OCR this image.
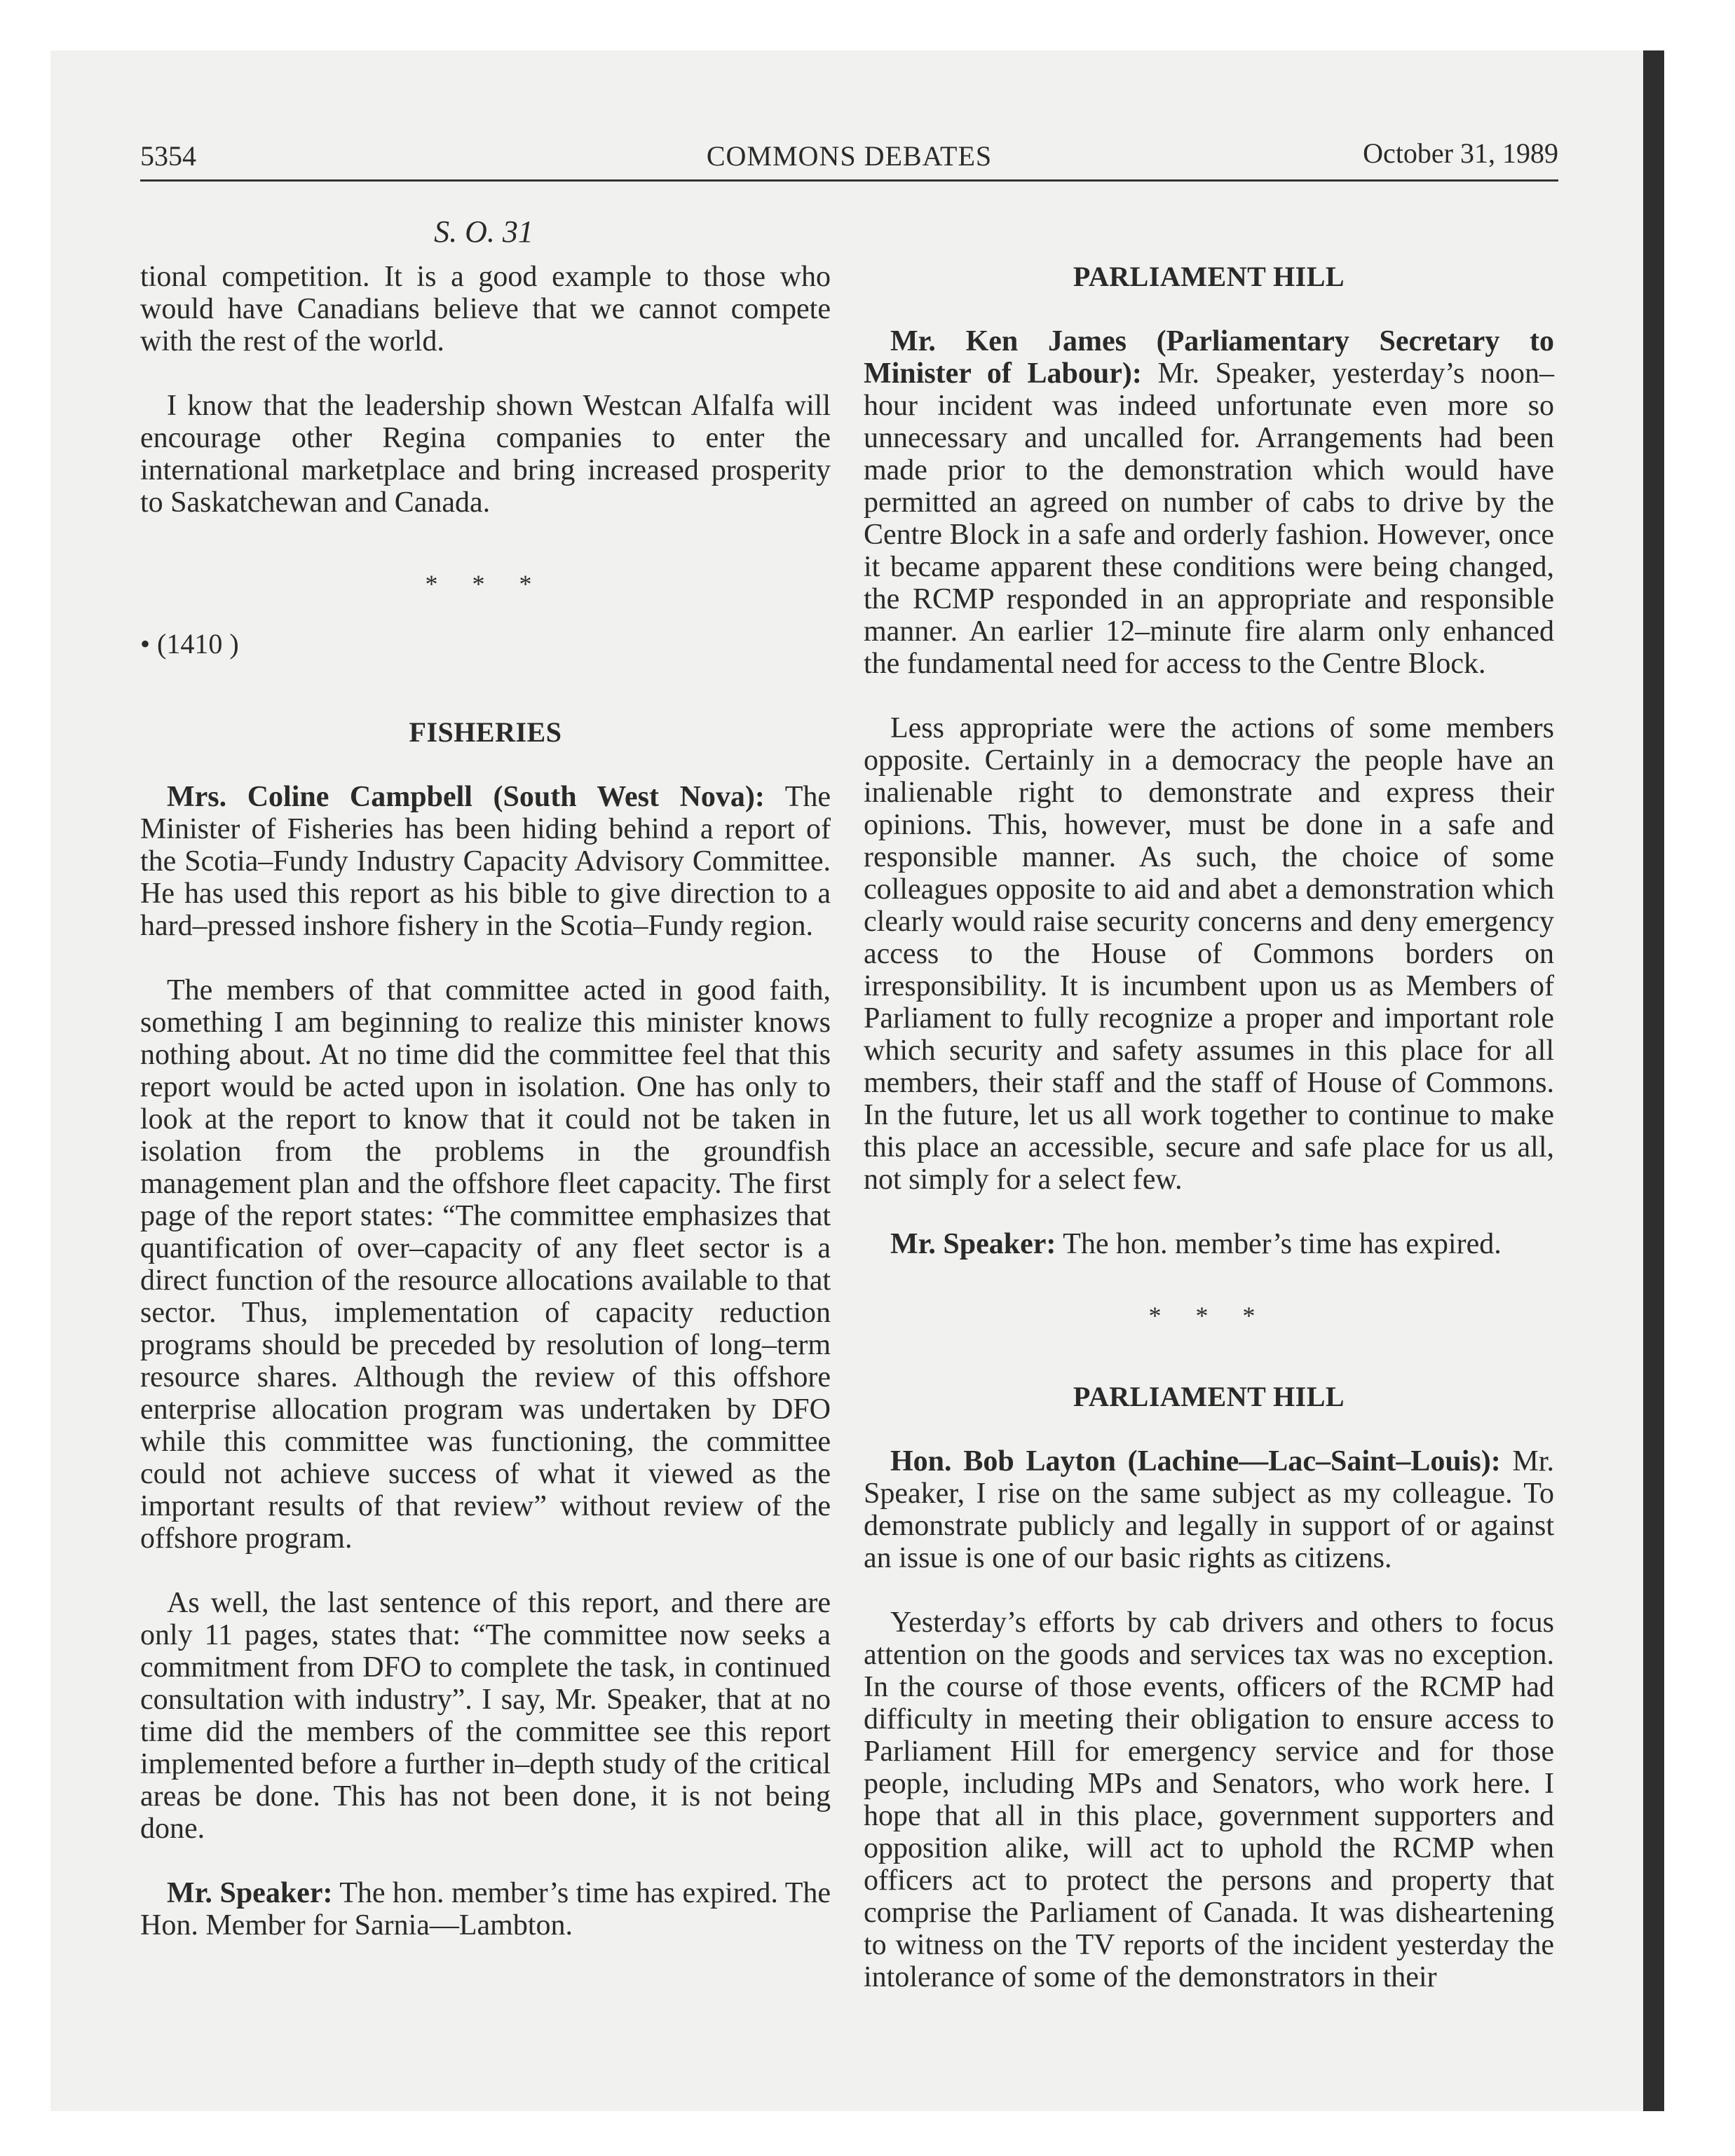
5354	COMMONS DEBATES	October 31, 1989
S. O. 31

tional competition. It is a good example to those who would have Canadians believe that we cannot compete with the rest of the world.

I know that the leadership shown Westcan Alfalfa will encourage other Regina companies to enter the international marketplace and bring increased prosperity to Saskatchewan and Canada.

* * *
• (1410 )
FISHERIES

Mrs. Coline Campbell (South West Nova): The Minister of Fisheries has been hiding behind a report of the Scotia–Fundy Industry Capacity Advisory Committee. He has used this report as his bible to give direction to a hard–pressed inshore fishery in the Scotia–Fundy region.

The members of that committee acted in good faith, something I am beginning to realize this minister knows nothing about. At no time did the committee feel that this report would be acted upon in isolation. One has only to look at the report to know that it could not be taken in isolation from the problems in the groundfish management plan and the offshore fleet capacity. The first page of the report states: “The committee emphasizes that quantification of over–capacity of any fleet sector is a direct function of the resource allocations available to that sector. Thus, implementation of capacity reduction programs should be preceded by resolution of long–term resource shares. Although the review of this offshore enterprise allocation program was undertaken by DFO while this committee was functioning, the committee could not achieve success of what it viewed as the important results of that review” without review of the offshore program.

As well, the last sentence of this report, and there are only 11 pages, states that: “The committee now seeks a commitment from DFO to complete the task, in continued consultation with industry”. I say, Mr. Speaker, that at no time did the members of the committee see this report implemented before a further in–depth study of the critical areas be done. This has not been done, it is not being done.

Mr. Speaker: The hon. member’s time has expired. The Hon. Member for Sarnia—Lambton.

PARLIAMENT HILL

Mr. Ken James (Parliamentary Secretary to Minister of Labour): Mr. Speaker, yesterday’s noon–hour incident was indeed unfortunate even more so unnecessary and uncalled for. Arrangements had been made prior to the demonstration which would have permitted an agreed on number of cabs to drive by the Centre Block in a safe and orderly fashion. However, once it became apparent these conditions were being changed, the RCMP responded in an appropriate and responsible manner. An earlier 12–minute fire alarm only enhanced the fundamental need for access to the Centre Block.

Less appropriate were the actions of some members opposite. Certainly in a democracy the people have an inalienable right to demonstrate and express their opinions. This, however, must be done in a safe and responsible manner. As such, the choice of some colleagues opposite to aid and abet a demonstration which clearly would raise security concerns and deny emergency access to the House of Commons borders on irresponsibility. It is incumbent upon us as Members of Parliament to fully recognize a proper and important role which security and safety assumes in this place for all members, their staff and the staff of House of Commons. In the future, let us all work together to continue to make this place an accessible, secure and safe place for us all, not simply for a select few.

Mr. Speaker: The hon. member’s time has expired.

* * *
PARLIAMENT HILL

Hon. Bob Layton (Lachine—Lac–Saint–Louis): Mr. Speaker, I rise on the same subject as my colleague. To demonstrate publicly and legally in support of or against an issue is one of our basic rights as citizens.

Yesterday’s efforts by cab drivers and others to focus attention on the goods and services tax was no exception. In the course of those events, officers of the RCMP had difficulty in meeting their obligation to ensure access to Parliament Hill for emergency service and for those people, including MPs and Senators, who work here. I hope that all in this place, government supporters and opposition alike, will act to uphold the RCMP when officers act to protect the persons and property that comprise the Parliament of Canada. It was disheartening to witness on the TV reports of the incident yesterday the intolerance of some of the demonstrators in their
